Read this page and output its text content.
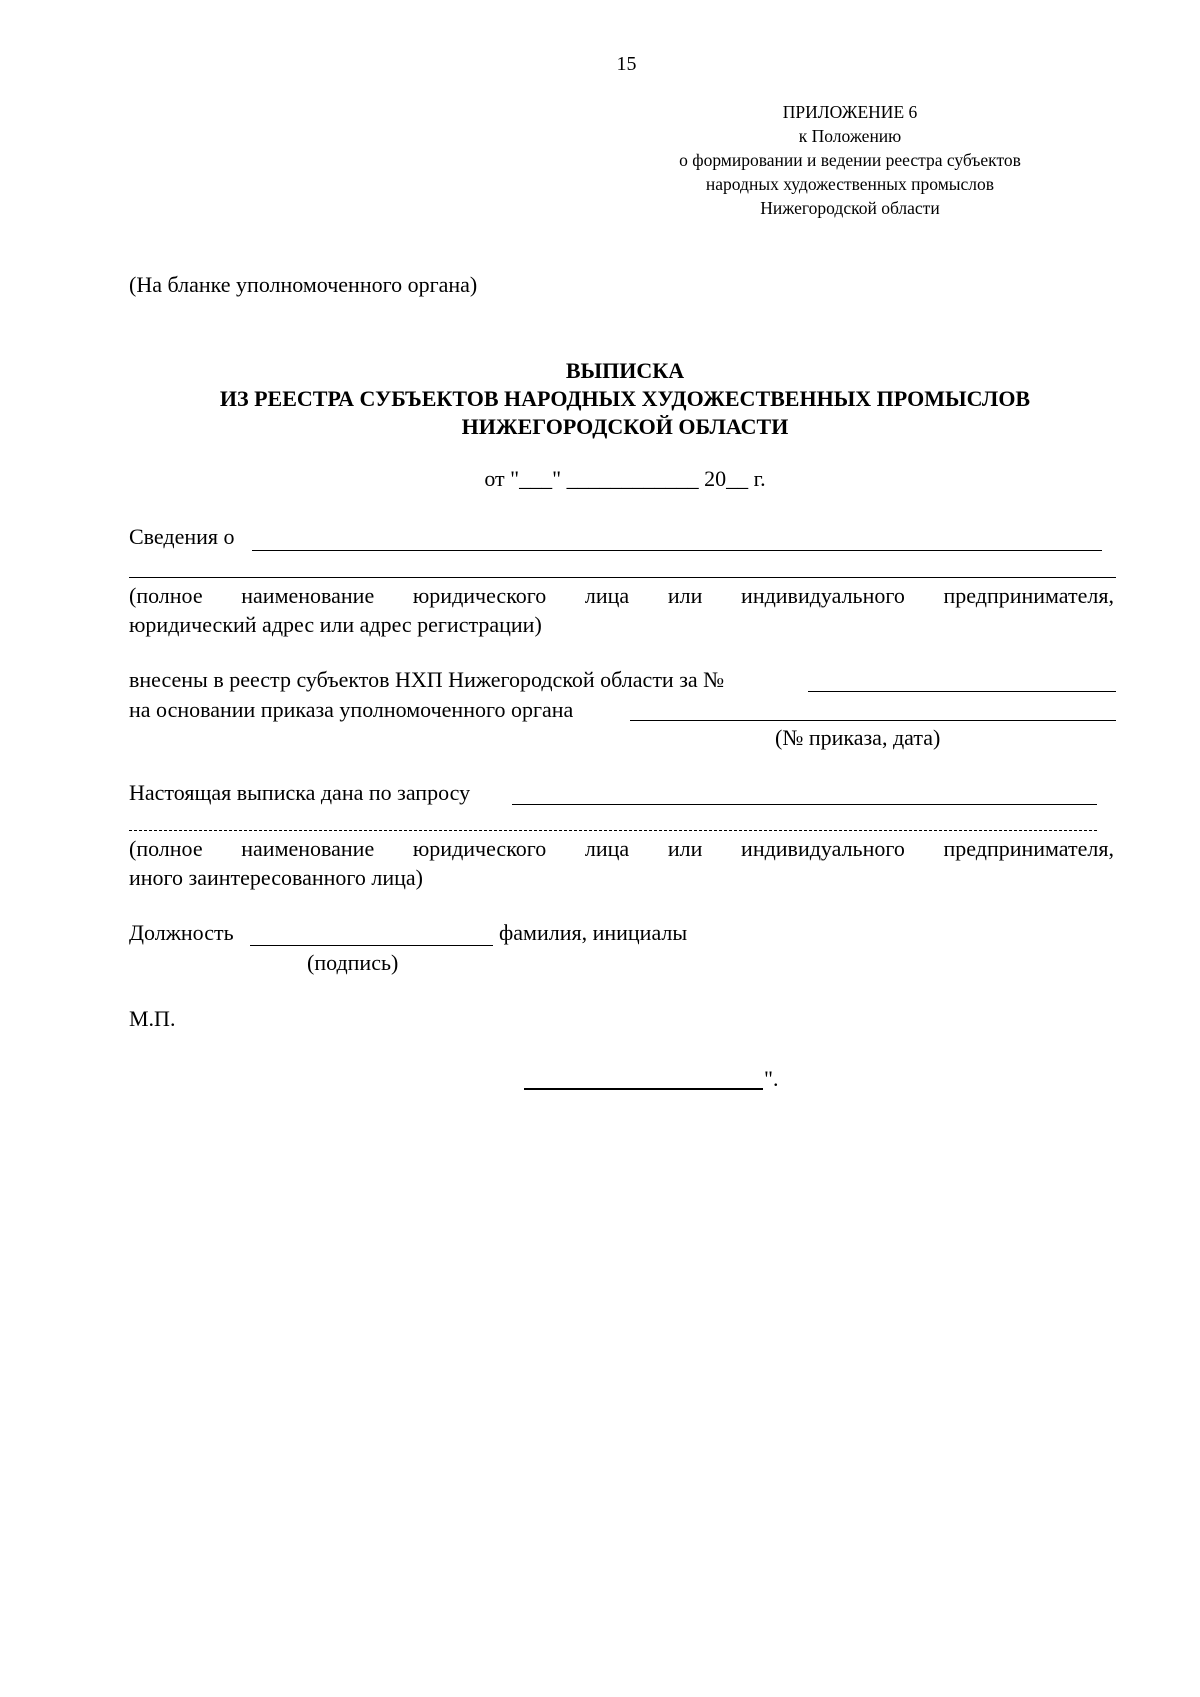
15
ПРИЛОЖЕНИЕ 6
к Положению
о формировании и ведении реестра субъектов
народных художественных промыслов
Нижегородской области
(На бланке уполномоченного органа)
ВЫПИСКА
ИЗ РЕЕСТРА СУБЪЕКТОВ НАРОДНЫХ ХУДОЖЕСТВЕННЫХ ПРОМЫСЛОВ
НИЖЕГОРОДСКОЙ ОБЛАСТИ
от "___" ____________ 20__ г.
Сведения о
(полное наименование юридического лица или индивидуального предпринимателя,
юридический адрес или адрес регистрации)
внесены в реестр субъектов НХП Нижегородской области за №
на основании приказа уполномоченного органа
(№ приказа, дата)
Настоящая выписка дана по запросу
(полное наименование юридического лица или индивидуального предпринимателя,
иного заинтересованного лица)
Должность	фамилия, инициалы
(подпись)
М.П.
".
